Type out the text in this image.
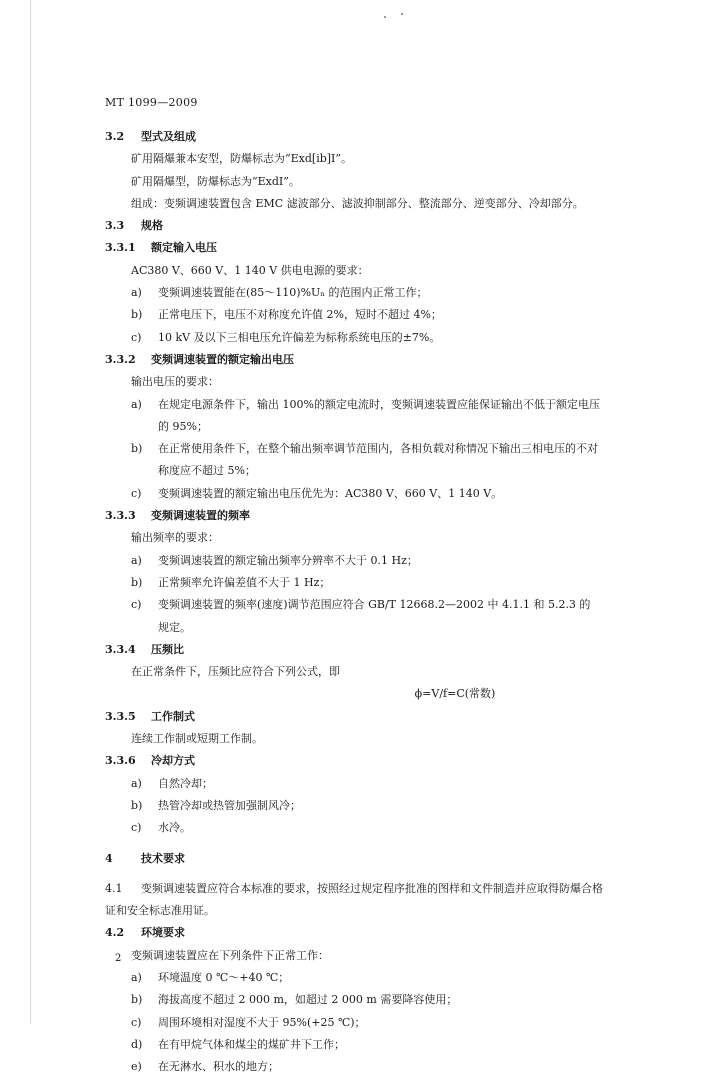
MT 1099—2009
3.2 型式及组成
矿用隔爆兼本安型，防爆标志为“Exd[ib]I”。
矿用隔爆型，防爆标志为“ExdI”。
组成：变频调速装置包含 EMC 滤波部分、滤波抑制部分、整流部分、逆变部分、冷却部分。
3.3 规格
3.3.1 额定输入电压
AC380 V、660 V、1 140 V 供电电源的要求：
a) 变频调速装置能在(85～110)%Uₙ 的范围内正常工作；
b) 正常电压下，电压不对称度允许值 2%，短时不超过 4%；
c) 10 kV 及以下三相电压允许偏差为标称系统电压的±7%。
3.3.2 变频调速装置的额定输出电压
输出电压的要求：
a) 在规定电源条件下，输出 100%的额定电流时，变频调速装置应能保证输出不低于额定电压
的 95%；
b) 在正常使用条件下，在整个输出频率调节范围内，各相负载对称情况下输出三相电压的不对
称度应不超过 5%；
c) 变频调速装置的额定输出电压优先为：AC380 V、660 V、1 140 V。
3.3.3 变频调速装置的频率
输出频率的要求：
a) 变频调速装置的额定输出频率分辨率不大于 0.1 Hz；
b) 正常频率允许偏差值不大于 1 Hz；
c) 变频调速装置的频率(速度)调节范围应符合 GB/T 12668.2—2002 中 4.1.1 和 5.2.3 的
规定。
3.3.4 压频比
在正常条件下，压频比应符合下列公式，即
ϕ=V/f=C(常数)
3.3.5 工作制式
连续工作制或短期工作制。
3.3.6 冷却方式
a) 自然冷却；
b) 热管冷却或热管加强制风冷；
c) 水冷。
4	技术要求
4.1 变频调速装置应符合本标准的要求，按照经过规定程序批准的图样和文件制造并应取得防爆合格
证和安全标志准用证。
4.2 环境要求
变频调速装置应在下列条件下正常工作：
a) 环境温度 0 ℃～+40 ℃；
b) 海拔高度不超过 2 000 m，如超过 2 000 m 需要降容使用；
c) 周围环境相对湿度不大于 95%(+25 ℃)；
d) 在有甲烷气体和煤尘的煤矿井下工作；
e) 在无淋水、积水的地方；
2
